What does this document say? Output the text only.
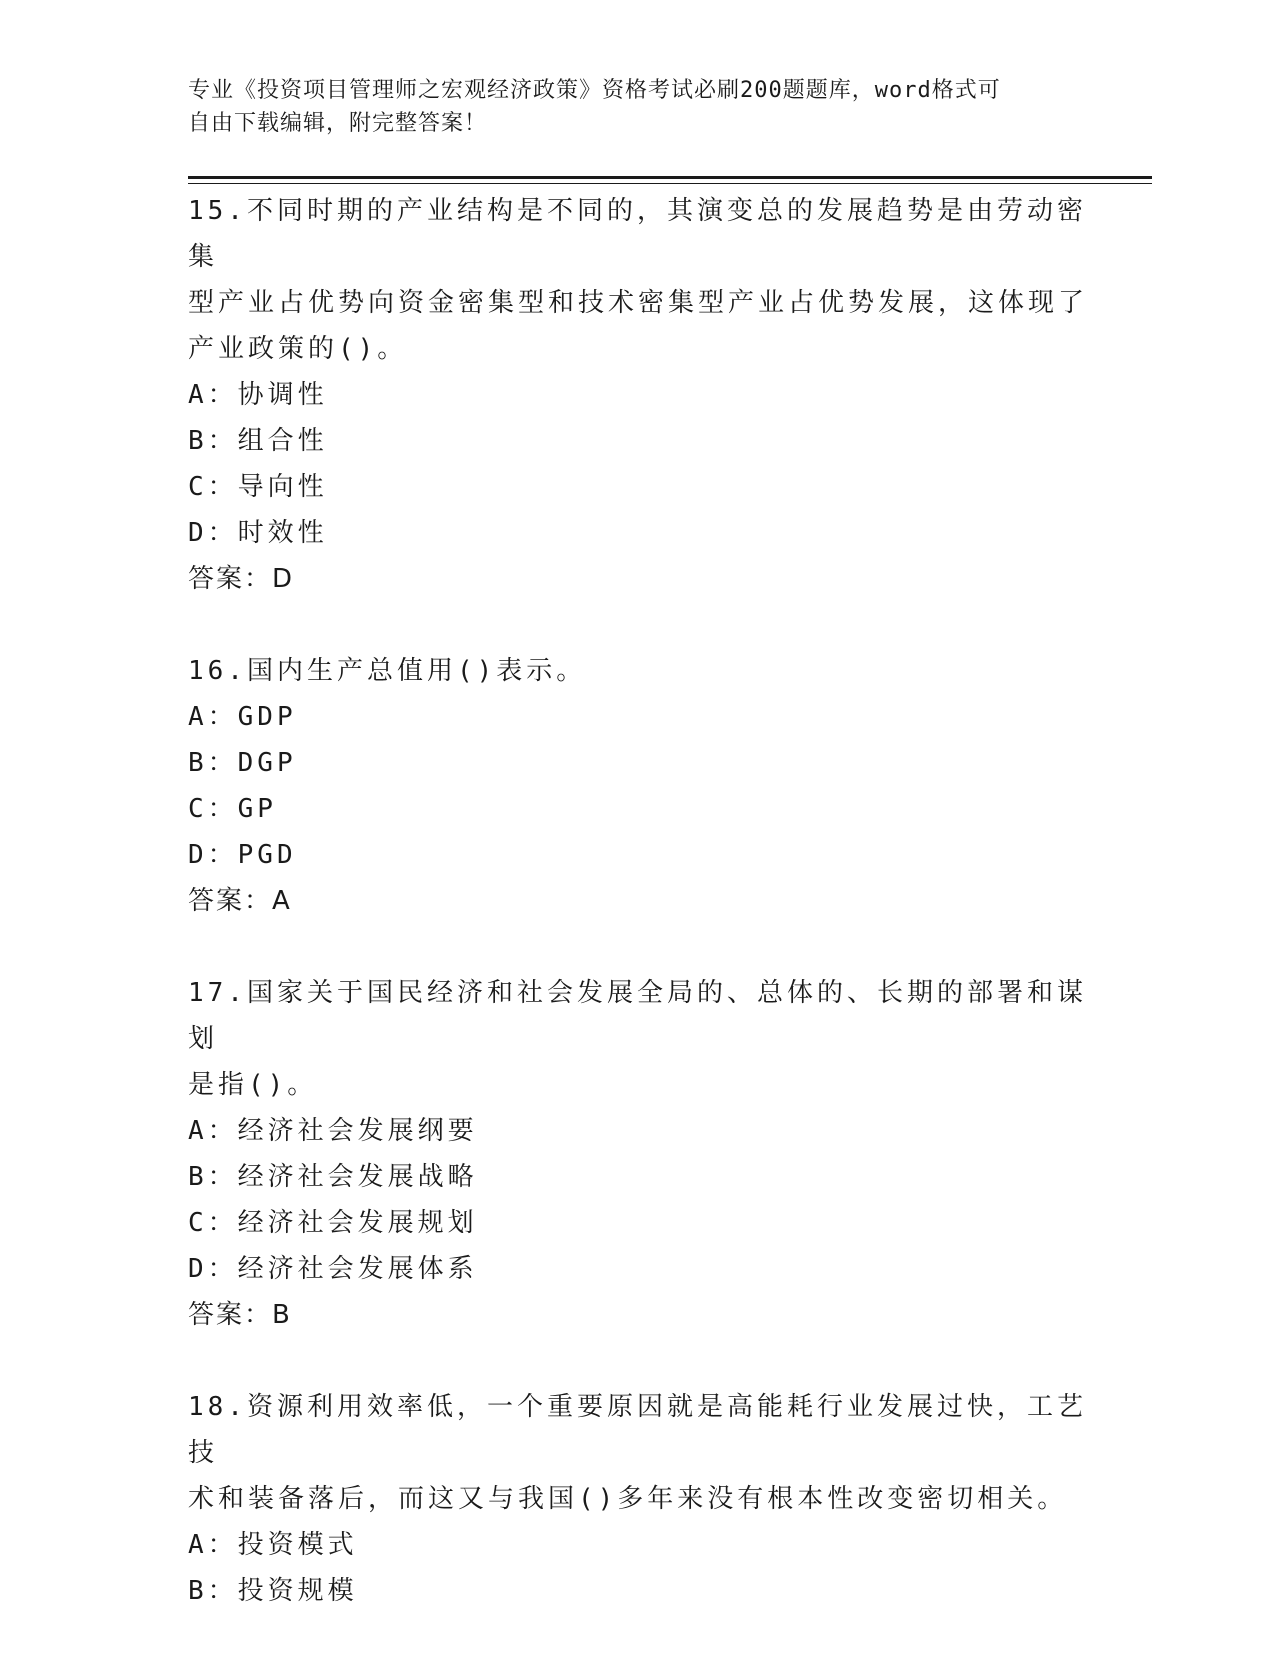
专业《投资项目管理师之宏观经济政策》资格考试必刷200题题库，word格式可
自由下载编辑，附完整答案！
15.不同时期的产业结构是不同的，其演变总的发展趋势是由劳动密集
型产业占优势向资金密集型和技术密集型产业占优势发展，这体现了
产业政策的()。
A：协调性
B：组合性
C：导向性
D：时效性
答案：D
16.国内生产总值用()表示。
A：GDP
B：DGP
C：GP
D：PGD
答案：A
17.国家关于国民经济和社会发展全局的、总体的、长期的部署和谋划
是指()。
A：经济社会发展纲要
B：经济社会发展战略
C：经济社会发展规划
D：经济社会发展体系
答案：B
18.资源利用效率低，一个重要原因就是高能耗行业发展过快，工艺技
术和装备落后，而这又与我国()多年来没有根本性改变密切相关。
A：投资模式
B：投资规模
